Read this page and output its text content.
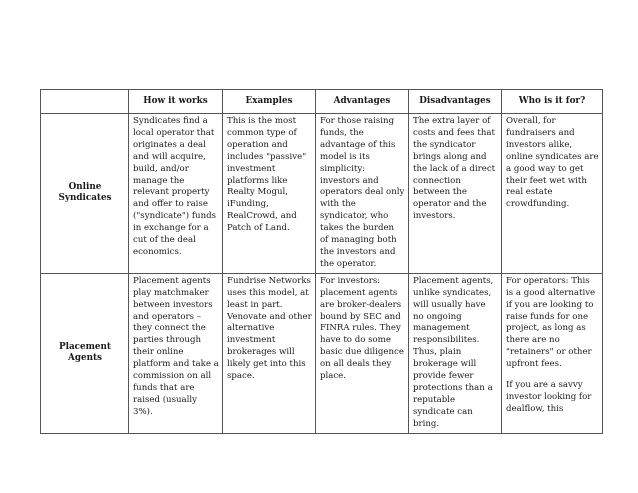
	How it works	Examples	Advantages	Disadvantages	Who is it for?
Online Syndicates	Syndicates find a local operator that originates a deal and will acquire, build, and/or manage the relevant property and offer to raise ("syndicate") funds in exchange for a cut of the deal economics.	This is the most common type of operation and includes "passive" investment platforms like Realty Mogul, iFunding, RealCrowd, and Patch of Land.	For those raising funds, the advantage of this model is its simplicity: investors and operators deal only with the syndicator, who takes the burden of managing both the investors and the operator.	The extra layer of costs and fees that the syndicator brings along and the lack of a direct connection between the operator and the investors.	Overall, for fundraisers and investors alike, online syndicates are a good way to get their feet wet with real estate crowdfunding.

Placement Agents	Placement agents play matchmaker between investors and operators – they connect the parties through their online platform and take a commission on all funds that are raised (usually 3%).	Fundrise Networks uses this model, at least in part. Venovate and other alternative investment brokerages will likely get into this space.	For investors: placement agents are broker-dealers bound by SEC and FINRA rules. They have to do some basic due diligence on all deals they place.	Placement agents, unlike syndicates, will usually have no ongoing management responsibilites. Thus, plain brokerage will provide fewer protections than a reputable syndicate can bring.	For operators: This is a good alternative if you are looking to raise funds for one project, as long as there are no "retainers" or other upfront fees.
If you are a savvy investor looking for dealflow, this
